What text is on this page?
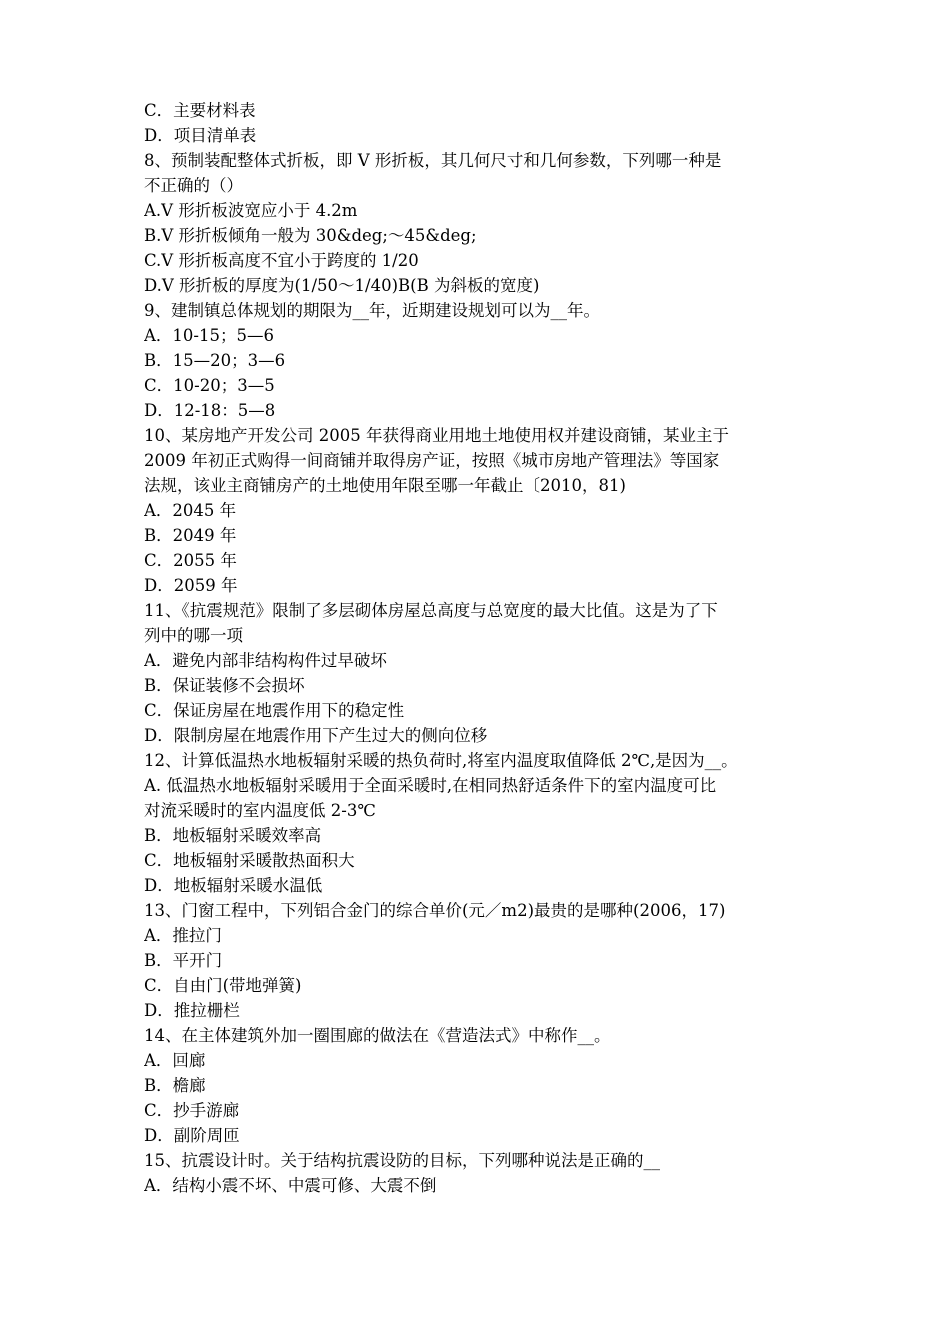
C．主要材料表
D．项目清单表
8、预制装配整体式折板，即 V 形折板，其几何尺寸和几何参数，下列哪一种是
不正确的（）
A.V 形折板波宽应小于 4.2m
B.V 形折板倾角一般为 30&deg;～45&deg;
C.V 形折板高度不宜小于跨度的 1/20
D.V 形折板的厚度为(1/50～1/40)B(B 为斜板的宽度)
9、建制镇总体规划的期限为__年，近期建设规划可以为__年。
A．10-15；5—6
B．15—20；3—6
C．10-20；3—5
D．12-18：5—8
10、某房地产开发公司 2005 年获得商业用地土地使用权并建设商铺，某业主于
2009 年初正式购得一间商铺并取得房产证，按照《城市房地产管理法》等国家
法规，该业主商铺房产的土地使用年限至哪一年截止〔2010，81)
A．2045 年
B．2049 年
C．2055 年
D．2059 年
11、《抗震规范》限制了多层砌体房屋总高度与总宽度的最大比值。这是为了下
列中的哪一项
A．避免内部非结构构件过早破坏
B．保证装修不会损坏
C．保证房屋在地震作用下的稳定性
D．限制房屋在地震作用下产生过大的侧向位移
12、计算低温热水地板辐射采暖的热负荷时,将室内温度取值降低 2℃,是因为__。
A. 低温热水地板辐射采暖用于全面采暖时,在相同热舒适条件下的室内温度可比
对流采暖时的室内温度低 2-3℃
B．地板辐射采暖效率高
C．地板辐射采暖散热面积大
D．地板辐射采暖水温低
13、门窗工程中，下列铝合金门的综合单价(元／m2)最贵的是哪种(2006，17)
A．推拉门
B．平开门
C．自由门(带地弹簧)
D．推拉栅栏
14、在主体建筑外加一圈围廊的做法在《营造法式》中称作__。
A．回廊
B．檐廊
C．抄手游廊
D．副阶周匝
15、抗震设计时。关于结构抗震设防的目标，下列哪种说法是正确的__
A．结构小震不坏、中震可修、大震不倒
